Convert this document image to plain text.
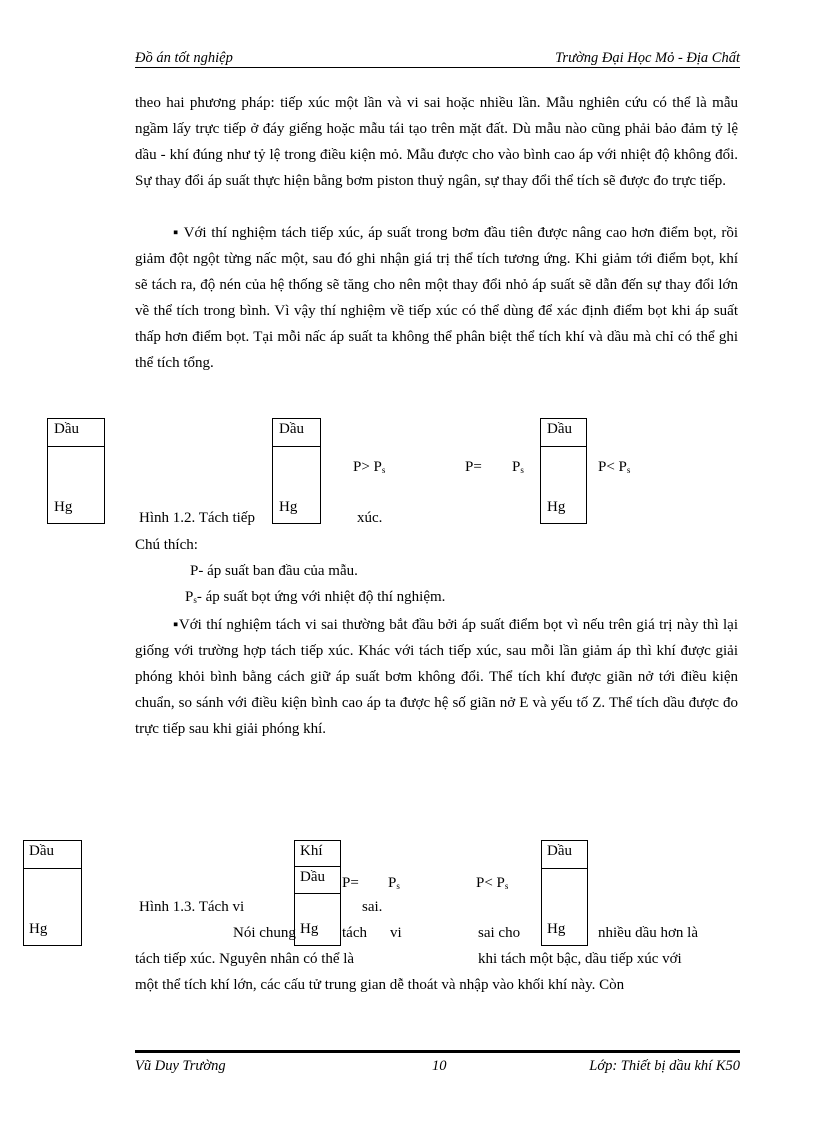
Đồ án tốt nghiệp	Trường Đại Học Mỏ - Địa Chất
theo hai phương pháp: tiếp xúc một lần và vi sai hoặc nhiều lần. Mẫu nghiên cứu có thể là mẫu ngầm lấy trực tiếp ở đáy giếng hoặc mẫu tái tạo trên mặt đất. Dù mẫu nào cũng phải bảo đảm tỷ lệ dầu - khí đúng như tỷ lệ trong điều kiện mỏ. Mẫu được cho vào bình cao áp với nhiệt độ không đổi. Sự thay đổi áp suất thực hiện bằng bơm piston thuỷ ngân, sự thay đổi thể tích sẽ được đo trực tiếp.
▪ Với thí nghiệm tách tiếp xúc, áp suất trong bơm đầu tiên được nâng cao hơn điểm bọt, rồi giảm đột ngột từng nấc một, sau đó ghi nhận giá trị thể tích tương ứng. Khi giảm tới điểm bọt, khí sẽ tách ra, độ nén của hệ thống sẽ tăng cho nên một thay đổi nhỏ áp suất sẽ dẫn đến sự thay đổi lớn về thể tích trong bình. Vì vậy thí nghiệm về tiếp xúc có thể dùng để xác định điểm bọt khi áp suất thấp hơn điểm bọt. Tại mỗi nấc áp suất ta không thể phân biệt thể tích khí và dầu mà chỉ có thể ghi thể tích tổng.
Dầu
Hg
Dầu
Hg
Dầu
Hg
$P> P_s$	$P= P_s$	$P< P_s$
Hình 1.2. Tách tiếp	xúc.
Chú thích:
P- áp suất ban đầu của mẫu.
$P_s-$ áp suất bọt ứng với nhiệt độ thí nghiệm.
▪Với thí nghiệm tách vi sai thường bắt đầu bởi áp suất điểm bọt vì nếu trên giá trị này thì lại giống với trường hợp tách tiếp xúc. Khác với tách tiếp xúc, sau mỗi lần giảm áp thì khí được giải phóng khỏi bình bằng cách giữ áp suất bơm không đổi. Thể tích khí được giãn nở tới điều kiện chuẩn, so sánh với điều kiện bình cao áp ta được hệ số giãn nở E và yếu tố Z. Thể tích dầu được đo trực tiếp sau khi giải phóng khí.
Dầu
Hg
Khí
Dầu
Hg
Dầu
Hg
$P= P_s$	$P< P_s$
Hình 1.3. Tách vi	sai.
Nói chung	tách vi	sai cho	nhiều dầu hơn là
tách tiếp xúc. Nguyên nhân có thể là	khi tách một bậc, dầu tiếp xúc với
một thể tích khí lớn, các cấu tử trung gian dễ thoát và nhập vào khối khí này. Còn
Vũ Duy Trường	10	Lớp: Thiết bị dầu khí K50
